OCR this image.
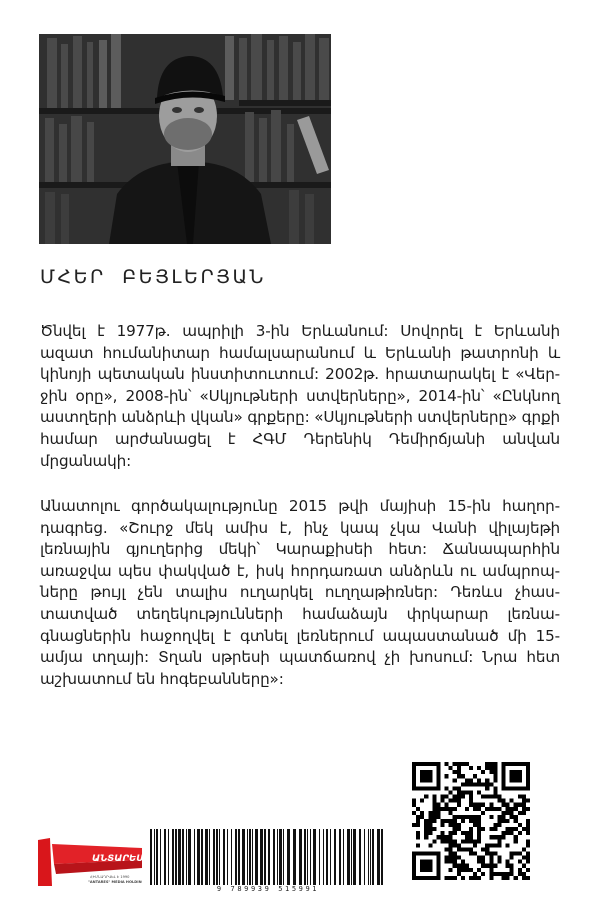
ՄՀԵՐ ԲԵՅԼԵՐՅԱՆ
Ծնվել է 1977թ. ապրիլի 3-ին Երևանում: Սովորել է Երևանի ազատ հումանիտար համալսարանում և Երևանի թատրոնի և կինոյի պետական ինստիտուտում: 2002թ. հրատարակել է «Վեր-ջին օրը», 2008-ին՝ «Սկյութների ստվերները», 2014-ին՝ «Ընկնող աստղերի անձրևի վկան» գրքերը: «Սկյութների ստվերները» գրքի համար արժանացել է ՀԳՄ Դերենիկ Դեմիրճյանի անվան մրցանակի:
Անատոլու գործակալությունը 2015 թվի մայիսի 15-ին հաղոր-դագրեց. «Շուրջ մեկ ամիս է, ինչ կապ չկա Վանի վիլայեթի լեռնային գյուղերից մեկի՝ Կարաքիսեի հետ: Ճանապարհին առաջվա պես փակված է, իսկ հորդառատ անձրևն ու ամպրոպ-ները թույլ չեն տալիս ուղարկել ուղղաթիռներ: Դեռևս չհաս-տատված տեղեկությունների համաձայն փրկարար լեռնա-գնացներին հաջողվել է գտնել լեռներում ապաստանած մի 15-ամյա տղայի: Տղան սթրեսի պատճառով չի խոսում: Նրա հետ աշխատում են հոգեբանները»:
ԱՆՏԱՐԵՍ
ՀԻՄՆԱԴՐՎԵԼ Է 1990
"ANTARES" MEDIA HOLDING
9 789939 515991
